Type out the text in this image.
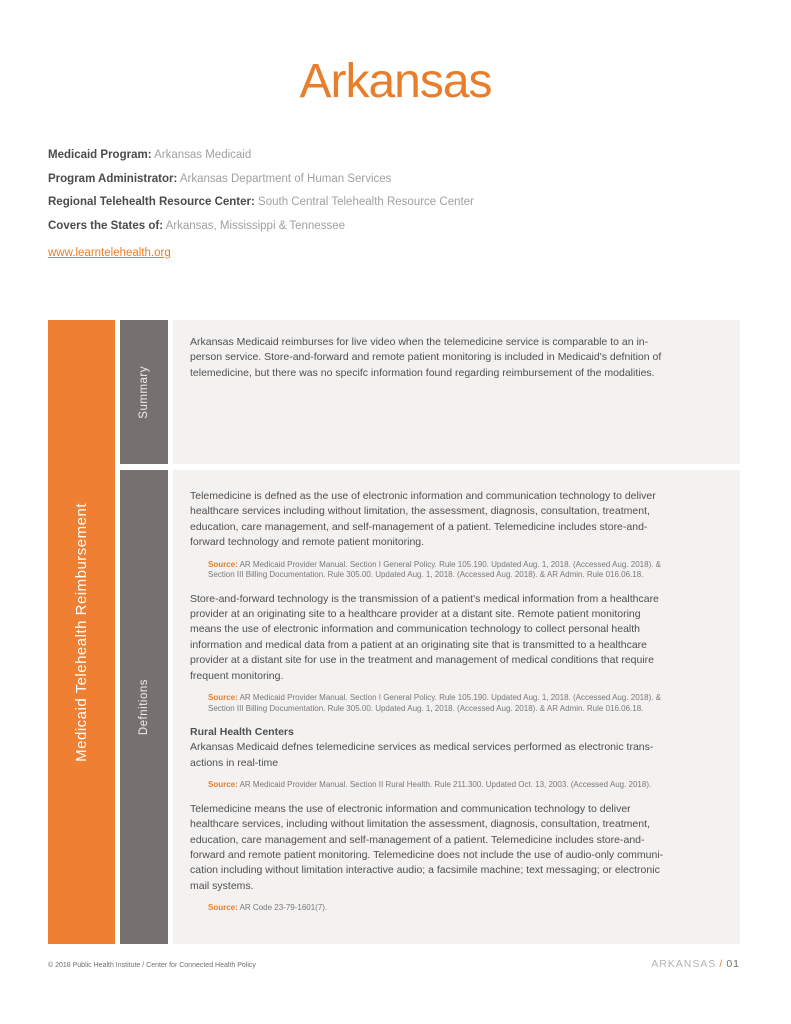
Arkansas
Medicaid Program: Arkansas Medicaid
Program Administrator: Arkansas Department of Human Services
Regional Telehealth Resource Center: South Central Telehealth Resource Center
Covers the States of: Arkansas, Mississippi & Tennessee
www.learntelehealth.org
Medicaid Telehealth Reimbursement
Summary

Arkansas Medicaid reimburses for live video when the telemedicine service is comparable to an in-person service. Store-and-forward and remote patient monitoring is included in Medicaid's defnition of telemedicine, but there was no specifc information found regarding reimbursement of the modalities.

Defnitions

Telemedicine is defned as the use of electronic information and communication technology to deliver healthcare services including without limitation, the assessment, diagnosis, consultation, treatment, education, care management, and self-management of a patient. Telemedicine includes store-and-forward technology and remote patient monitoring.

Source: AR Medicaid Provider Manual. Section I General Policy. Rule 105.190. Updated Aug. 1, 2018. (Accessed Aug. 2018). & Section III Billing Documentation. Rule 305.00. Updated Aug. 1, 2018. (Accessed Aug. 2018). & AR Admin. Rule 016.06.18.

Store-and-forward technology is the transmission of a patient's medical information from a healthcare provider at an originating site to a healthcare provider at a distant site. Remote patient monitoring means the use of electronic information and communication technology to collect personal health information and medical data from a patient at an originating site that is transmitted to a healthcare provider at a distant site for use in the treatment and management of medical conditions that require frequent monitoring.

Source: AR Medicaid Provider Manual. Section I General Policy. Rule 105.190. Updated Aug. 1, 2018. (Accessed Aug. 2018). & Section III Billing Documentation. Rule 305.00. Updated Aug. 1, 2018. (Accessed Aug. 2018). & AR Admin. Rule 016.06.18.

Rural Health Centers

Arkansas Medicaid defnes telemedicine services as medical services performed as electronic trans-actions in real-time

Source: AR Medicaid Provider Manual. Section II Rural Health. Rule 211.300. Updated Oct. 13, 2003. (Accessed Aug. 2018).

Telemedicine means the use of electronic information and communication technology to deliver healthcare services, including without limitation the assessment, diagnosis, consultation, treatment, education, care management and self-management of a patient. Telemedicine includes store-and-forward and remote patient monitoring. Telemedicine does not include the use of audio-only communi-cation including without limitation interactive audio; a facsimile machine; text messaging; or electronic mail systems.

Source: AR Code 23-79-1601(7).

© 2018 Public Health Institute / Center for Connected Health Policy	ARKANSAS / 01
